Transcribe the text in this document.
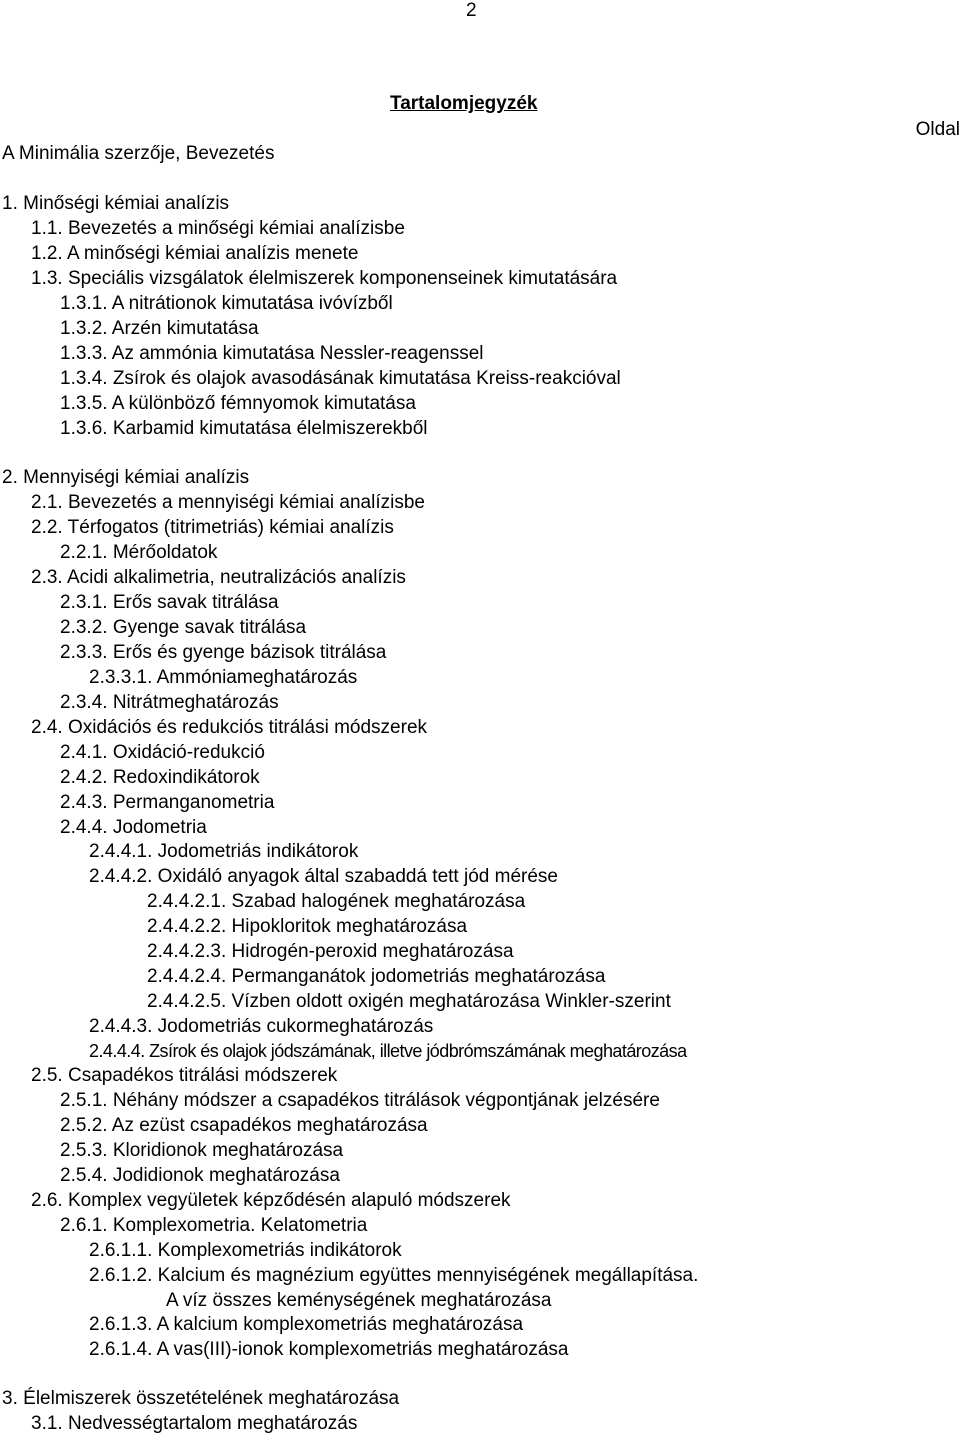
2
Tartalomjegyzék
Oldal
A Minimália szerzője, Bevezetés
1. Minőségi kémiai analízis
1.1. Bevezetés a minőségi kémiai analízisbe
1.2. A minőségi kémiai analízis menete
1.3. Speciális vizsgálatok élelmiszerek komponenseinek kimutatására
1.3.1. A nitrátionok kimutatása ivóvízből
1.3.2. Arzén kimutatása
1.3.3. Az ammónia kimutatása Nessler-reagenssel
1.3.4. Zsírok és olajok avasodásának kimutatása Kreiss-reakcióval
1.3.5. A különböző fémnyomok kimutatása
1.3.6. Karbamid kimutatása élelmiszerekből
2. Mennyiségi kémiai analízis
2.1. Bevezetés a mennyiségi kémiai analízisbe
2.2. Térfogatos (titrimetriás) kémiai analízis
2.2.1. Mérőoldatok
2.3. Acidi alkalimetria, neutralizációs analízis
2.3.1. Erős savak titrálása
2.3.2. Gyenge savak titrálása
2.3.3. Erős és gyenge bázisok titrálása
2.3.3.1. Ammóniameghatározás
2.3.4. Nitrátmeghatározás
2.4. Oxidációs és redukciós titrálási módszerek
2.4.1. Oxidáció-redukció
2.4.2. Redoxindikátorok
2.4.3. Permanganometria
2.4.4. Jodometria
2.4.4.1. Jodometriás indikátorok
2.4.4.2. Oxidáló anyagok által szabaddá tett jód mérése
2.4.4.2.1. Szabad halogének meghatározása
2.4.4.2.2. Hipokloritok meghatározása
2.4.4.2.3. Hidrogén-peroxid meghatározása
2.4.4.2.4. Permanganátok jodometriás meghatározása
2.4.4.2.5. Vízben oldott oxigén meghatározása Winkler-szerint
2.4.4.3. Jodometriás cukormeghatározás
2.4.4.4. Zsírok és olajok jódszámának, illetve jódbrómszámának meghatározása
2.5. Csapadékos titrálási módszerek
2.5.1. Néhány módszer a csapadékos titrálások végpontjának jelzésére
2.5.2. Az ezüst csapadékos meghatározása
2.5.3. Kloridionok meghatározása
2.5.4. Jodidionok meghatározása
2.6. Komplex vegyületek képződésén alapuló módszerek
2.6.1. Komplexometria. Kelatometria
2.6.1.1. Komplexometriás indikátorok
2.6.1.2. Kalcium és magnézium együttes mennyiségének megállapítása.
A víz összes keménységének meghatározása
2.6.1.3. A kalcium komplexometriás meghatározása
2.6.1.4. A vas(III)-ionok komplexometriás meghatározása
3. Élelmiszerek összetételének meghatározása
3.1. Nedvességtartalom meghatározás
